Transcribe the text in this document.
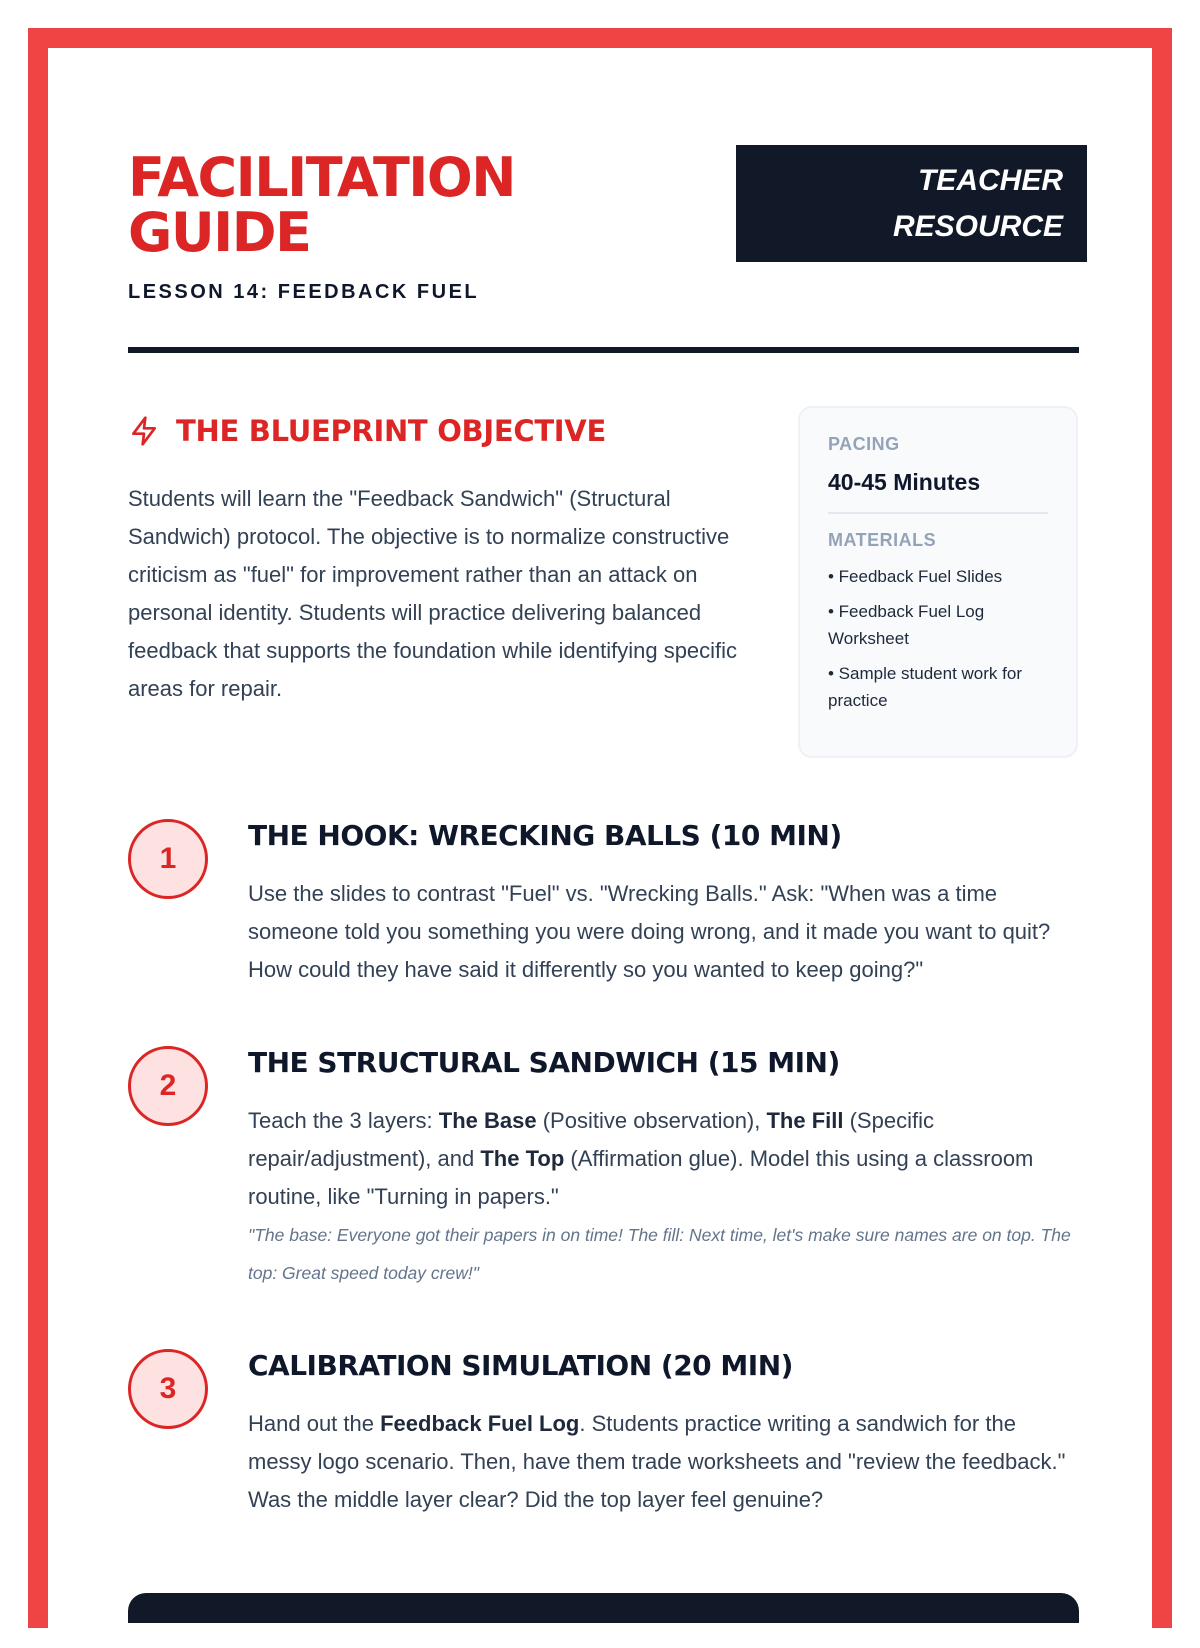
FACILITATION
GUIDE
LESSON 14: FEEDBACK FUEL
TEACHER
RESOURCE
THE BLUEPRINT OBJECTIVE
Students will learn the "Feedback Sandwich" (Structural Sandwich) protocol. The objective is to normalize constructive criticism as "fuel" for improvement rather than an attack on personal identity. Students will practice delivering balanced feedback that supports the foundation while identifying specific areas for repair.
PACING
40-45 Minutes
MATERIALS
• Feedback Fuel Slides
• Feedback Fuel Log Worksheet
• Sample student work for practice
1
THE HOOK: WRECKING BALLS (10 MIN)
Use the slides to contrast "Fuel" vs. "Wrecking Balls." Ask: "When was a time someone told you something you were doing wrong, and it made you want to quit? How could they have said it differently so you wanted to keep going?"
2
THE STRUCTURAL SANDWICH (15 MIN)
Teach the 3 layers: The Base (Positive observation), The Fill (Specific repair/adjustment), and The Top (Affirmation glue). Model this using a classroom routine, like "Turning in papers."
"The base: Everyone got their papers in on time! The fill: Next time, let's make sure names are on top. The top: Great speed today crew!"
3
CALIBRATION SIMULATION (20 MIN)
Hand out the Feedback Fuel Log. Students practice writing a sandwich for the messy logo scenario. Then, have them trade worksheets and "review the feedback." Was the middle layer clear? Did the top layer feel genuine?
